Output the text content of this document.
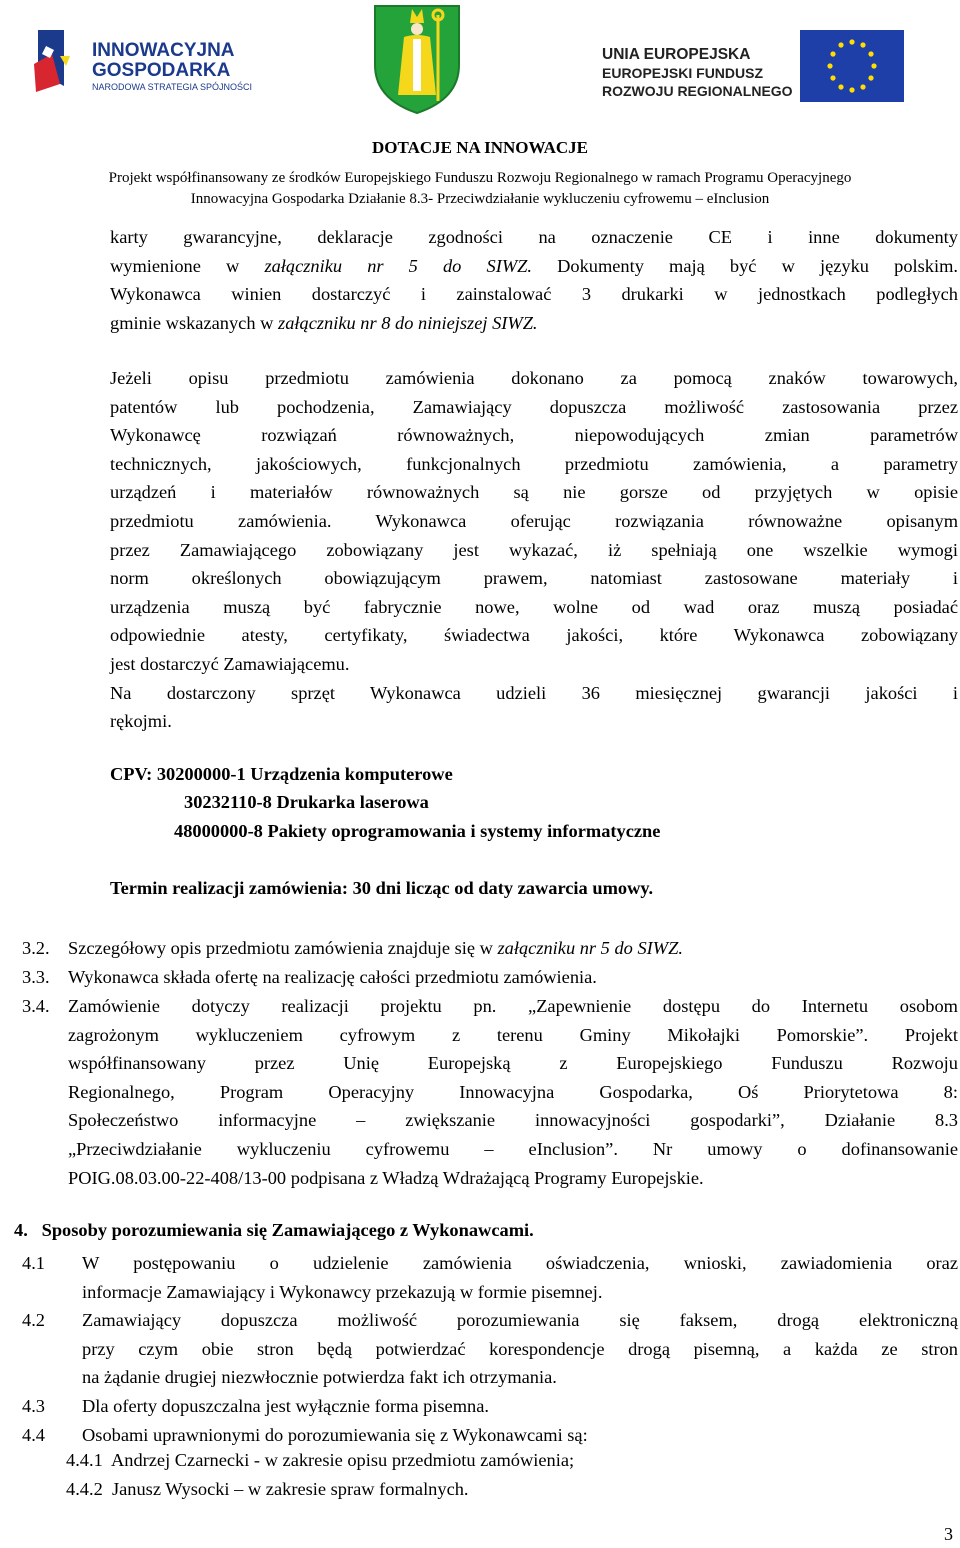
INNOWACYJNA
GOSPODARKA
NARODOWA STRATEGIA SPÓJNOŚCI
UNIA EUROPEJSKA
EUROPEJSKI FUNDUSZ
ROZWOJU REGIONALNEGO
DOTACJE NA INNOWACJE
Projekt współfinansowany ze środków Europejskiego Funduszu Rozwoju Regionalnego w ramach Programu Operacyjnego
Innowacyjna Gospodarka Działanie 8.3- Przeciwdziałanie wykluczeniu cyfrowemu – eInclusion
karty gwarancyjne, deklaracje zgodności na oznaczenie CE i inne dokumenty
wymienione w załączniku nr 5 do SIWZ. Dokumenty mają być w języku polskim.
Wykonawca winien dostarczyć i zainstalować 3 drukarki w jednostkach podległych
gminie wskazanych w załączniku nr 8 do niniejszej SIWZ.
Jeżeli opisu przedmiotu zamówienia dokonano za pomocą znaków towarowych,
patentów lub pochodzenia, Zamawiający dopuszcza możliwość zastosowania przez
Wykonawcę rozwiązań równoważnych, niepowodujących zmian parametrów
technicznych, jakościowych, funkcjonalnych przedmiotu zamówienia, a parametry
urządzeń i materiałów równoważnych są nie gorsze od przyjętych w opisie
przedmiotu zamówienia. Wykonawca oferując rozwiązania równoważne opisanym
przez Zamawiającego zobowiązany jest wykazać, iż spełniają one wszelkie wymogi
norm określonych obowiązującym prawem, natomiast zastosowane materiały i
urządzenia muszą być fabrycznie nowe, wolne od wad oraz muszą posiadać
odpowiednie atesty, certyfikaty, świadectwa jakości, które Wykonawca zobowiązany
jest dostarczyć Zamawiającemu.
Na dostarczony sprzęt Wykonawca udzieli 36 miesięcznej gwarancji jakości i
rękojmi.
CPV: 30200000-1 Urządzenia komputerowe
30232110-8 Drukarka laserowa
48000000-8 Pakiety oprogramowania i systemy informatyczne
Termin realizacji zamówienia: 30 dni licząc od daty zawarcia umowy.
3.2. Szczegółowy opis przedmiotu zamówienia znajduje się w załączniku nr 5 do SIWZ.
3.3. Wykonawca składa ofertę na realizację całości przedmiotu zamówienia.
3.4. Zamówienie dotyczy realizacji projektu pn. „Zapewnienie dostępu do Internetu osobom
zagrożonym wykluczeniem cyfrowym z terenu Gminy Mikołajki Pomorskie”. Projekt
współfinansowany przez Unię Europejską z Europejskiego Funduszu Rozwoju
Regionalnego, Program Operacyjny Innowacyjna Gospodarka, Oś Priorytetowa 8:
Społeczeństwo informacyjne – zwiększanie innowacyjności gospodarki”, Działanie 8.3
„Przeciwdziałanie wykluczeniu cyfrowemu – eInclusion”. Nr umowy o dofinansowanie
POIG.08.03.00-22-408/13-00 podpisana z Władzą Wdrażającą Programy Europejskie.
4.   Sposoby porozumiewania się Zamawiającego z Wykonawcami.
4.1 W postępowaniu o udzielenie zamówienia oświadczenia, wnioski, zawiadomienia oraz
informacje Zamawiający i Wykonawcy przekazują w formie pisemnej.
4.2 Zamawiający dopuszcza możliwość porozumiewania się faksem, drogą elektroniczną
przy czym obie stron będą potwierdzać korespondencje drogą pisemną, a każda ze stron
na żądanie drugiej niezwłocznie potwierdza fakt ich otrzymania.
4.3 Dla oferty dopuszczalna jest wyłącznie forma pisemna.
4.4 Osobami uprawnionymi do porozumiewania się z Wykonawcami są:
4.4.1  Andrzej Czarnecki - w zakresie opisu przedmiotu zamówienia;
4.4.2  Janusz Wysocki – w zakresie spraw formalnych.
3
